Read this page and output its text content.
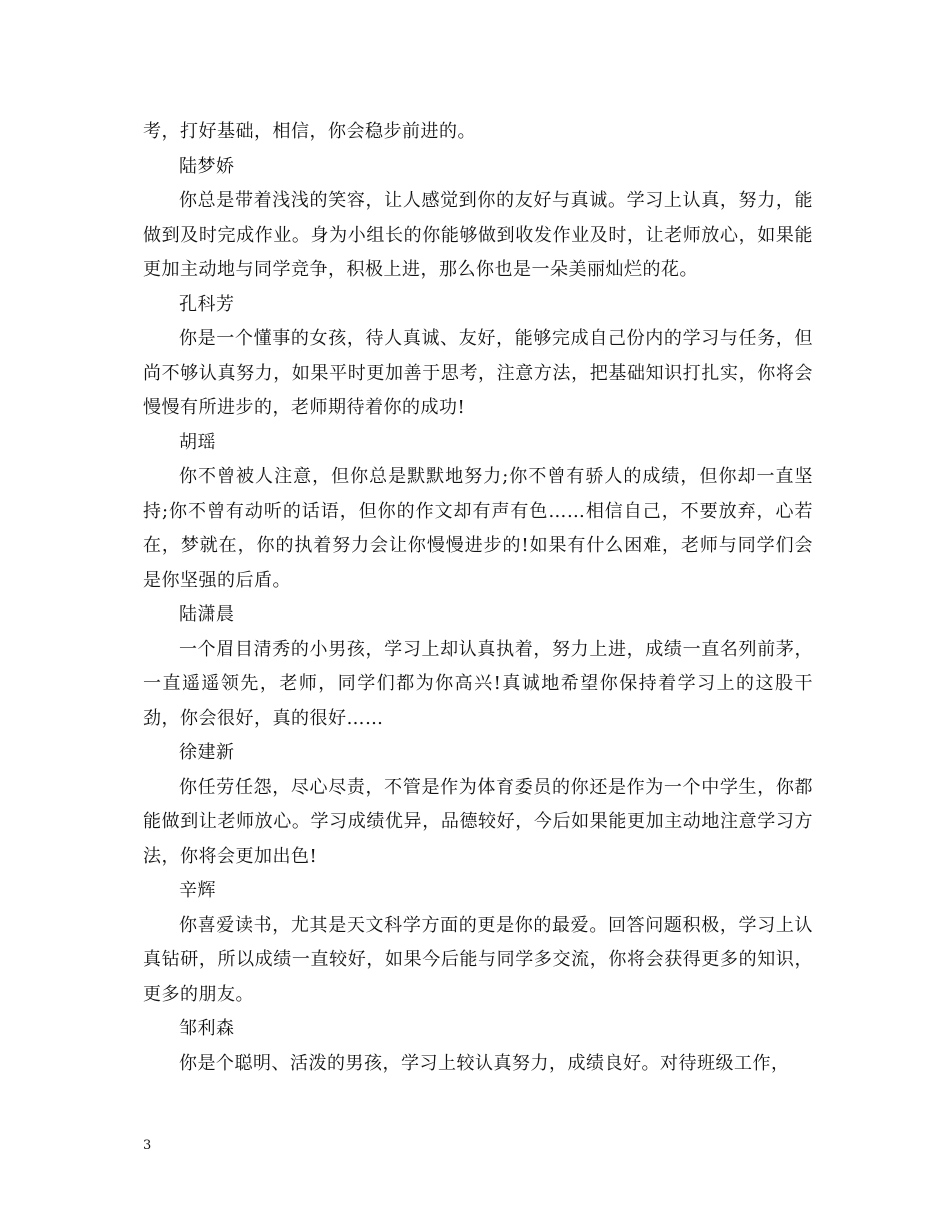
考，打好基础，相信，你会稳步前进的。

陆梦娇

你总是带着浅浅的笑容，让人感觉到你的友好与真诚。学习上认真，努力，能做到及时完成作业。身为小组长的你能够做到收发作业及时，让老师放心，如果能更加主动地与同学竞争，积极上进，那么你也是一朵美丽灿烂的花。

孔科芳

你是一个懂事的女孩，待人真诚、友好，能够完成自己份内的学习与任务，但尚不够认真努力，如果平时更加善于思考，注意方法，把基础知识打扎实，你将会慢慢有所进步的，老师期待着你的成功!

胡瑶

你不曾被人注意，但你总是默默地努力;你不曾有骄人的成绩，但你却一直坚持;你不曾有动听的话语，但你的作文却有声有色……相信自己，不要放弃，心若在，梦就在，你的执着努力会让你慢慢进步的!如果有什么困难，老师与同学们会是你坚强的后盾。

陆潇晨

一个眉目清秀的小男孩，学习上却认真执着，努力上进，成绩一直名列前茅，一直遥遥领先，老师，同学们都为你高兴!真诚地希望你保持着学习上的这股干劲，你会很好，真的很好……

徐建新

你任劳任怨，尽心尽责，不管是作为体育委员的你还是作为一个中学生，你都能做到让老师放心。学习成绩优异，品德较好，今后如果能更加主动地注意学习方法，你将会更加出色!

辛辉

你喜爱读书，尤其是天文科学方面的更是你的最爱。回答问题积极，学习上认真钻研，所以成绩一直较好，如果今后能与同学多交流，你将会获得更多的知识，更多的朋友。

邹利森

你是个聪明、活泼的男孩，学习上较认真努力，成绩良好。对待班级工作，

3
